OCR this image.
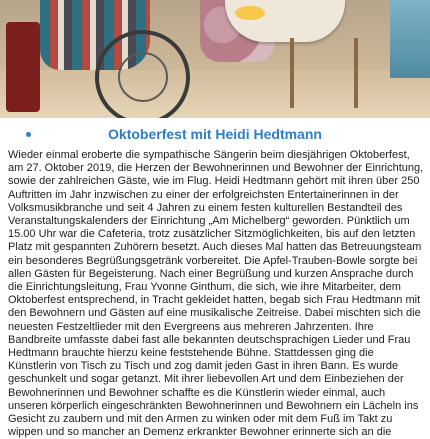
Oktoberfest mit Heidi Hedtmann

Wieder einmal eroberte die sympathische Sängerin beim diesjährigen Oktoberfest, am 27. Oktober 2019, die Herzen der Bewohnerinnen und Bewohner der Einrichtung, sowie der zahlreichen Gäste, wie im Flug. Heidi Hedtmann gehört mit ihren über 250 Auftritten im Jahr inzwischen zu einer der erfolgreichsten Entertainerinnen in der Volksmusikbranche und seit 4 Jahren zu einem festen kulturellen Bestandteil des Veranstaltungskalenders der Einrichtung „Am Michelberg“ geworden. Pünktlich um 15.00 Uhr war die Cafeteria, trotz zusätzlicher Sitzmöglichkeiten, bis auf den letzten Platz mit gespannten Zuhörern besetzt. Auch dieses Mal hatten das Betreuungsteam ein besonderes Begrüßungsgetränk vorbereitet. Die Apfel-Trauben-Bowle sorgte bei allen Gästen für Begeisterung. Nach einer Begrüßung und kurzen Ansprache durch die Einrichtungsleitung, Frau Yvonne Ginthum, die sich, wie ihre Mitarbeiter, dem Oktoberfest entsprechend, in Tracht gekleidet hatten, begab sich Frau Hedtmann mit den Bewohnern und Gästen auf eine musikalische Zeitreise. Dabei mischten sich die neuesten Festzeltlieder mit den Evergreens aus mehreren Jahrzenten. Ihre Bandbreite umfasste dabei fast alle bekannten deutschsprachigen Lieder und Frau Hedtmann brauchte hierzu keine feststehende Bühne. Stattdessen ging die Künstlerin von Tisch zu Tisch und zog damit jeden Gast in ihren Bann. Es wurde geschunkelt und sogar getanzt. Mit ihrer liebevollen Art und dem Einbeziehen der Bewohnerinnen und Bewohner schaffte es die Künstlerin wieder einmal, auch unseren körperlich eingeschränkten Bewohnerinnen und Bewohnern ein Lächeln ins Gesicht zu zaubern und mit den Armen zu winken oder mit dem Fuß im Takt zu wippen und so mancher an Demenz erkrankter Bewohner erinnerte sich an die
